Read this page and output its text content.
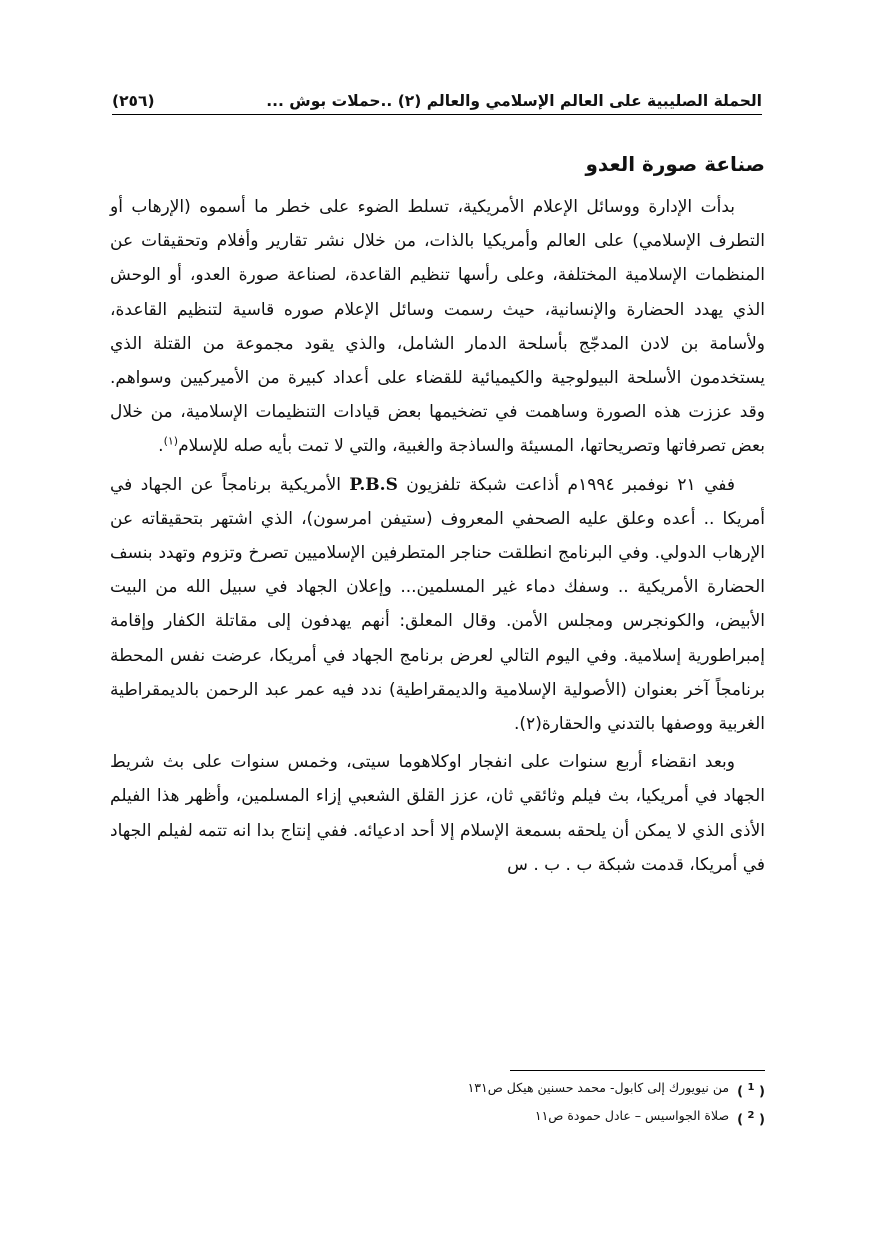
الحملة الصليبية على العالم الإسلامي والعالم (٢) ..حملات بوش ...
(٢٥٦)
صناعة صورة العدو

بدأت الإدارة ووسائل الإعلام الأمريكية، تسلط الضوء على خطر ما أسموه (الإرهاب أو التطرف الإسلامي) على العالم وأمريكيا بالذات، من خلال نشر تقارير وأفلام وتحقيقات عن المنظمات الإسلامية المختلفة، وعلى رأسها تنظيم القاعدة، لصناعة صورة العدو، أو الوحش الذي يهدد الحضارة والإنسانية، حيث رسمت وسائل الإعلام صوره قاسية لتنظيم القاعدة، ولأسامة بن لادن المدجّج بأسلحة الدمار الشامل، والذي يقود مجموعة من القتلة الذي يستخدمون الأسلحة البيولوجية والكيميائية للقضاء على أعداد كبيرة من الأميركيين وسواهم. وقد عززت هذه الصورة وساهمت في تضخيمها بعض قيادات التنظيمات الإسلامية، من خلال بعض تصرفاتها وتصريحاتها، المسيئة والساذجة والغبية، والتي لا تمت بأيه صله للإسلام$^{(١)}$.

ففي ٢١ نوفمبر ١٩٩٤م أذاعت شبكة تلفزيون P.B.S الأمريكية برنامجاً عن الجهاد في أمريكا .. أعده وعلق عليه الصحفي المعروف (ستيفن امرسون)، الذي اشتهر بتحقيقاته عن الإرهاب الدولي. وفي البرنامج انطلقت حناجر المتطرفين الإسلاميين تصرخ وتزوم وتهدد بنسف الحضارة الأمريكية .. وسفك دماء غير المسلمين... وإعلان الجهاد في سبيل الله من البيت الأبيض، والكونجرس ومجلس الأمن. وقال المعلق: أنهم يهدفون إلى مقاتلة الكفار وإقامة إمبراطورية إسلامية. وفي اليوم التالي لعرض برنامج الجهاد في أمريكا، عرضت نفس المحطة برنامجاً آخر بعنوان (الأصولية الإسلامية والديمقراطية) ندد فيه عمر عبد الرحمن بالديمقراطية الغربية ووصفها بالتدني والحقارة(٢).

وبعد انقضاء أربع سنوات على انفجار اوكلاهوما سيتى، وخمس سنوات على بث شريط الجهاد في أمريكيا، بث فيلم وثائقي ثان، عزز القلق الشعبي إزاء المسلمين، وأظهر هذا الفيلم الأذى الذي لا يمكن أن يلحقه بسمعة الإسلام إلا أحد ادعيائه. ففي إنتاج بدا انه تتمه لفيلم الجهاد في أمريكا، قدمت شبكة ب . ب . س

( $^1$ )
من نيويورك إلى كابول- محمد حسنين هيكل ص١٣١
( $^2$ )
صلاة الجواسيس – عادل حمودة ص١١
